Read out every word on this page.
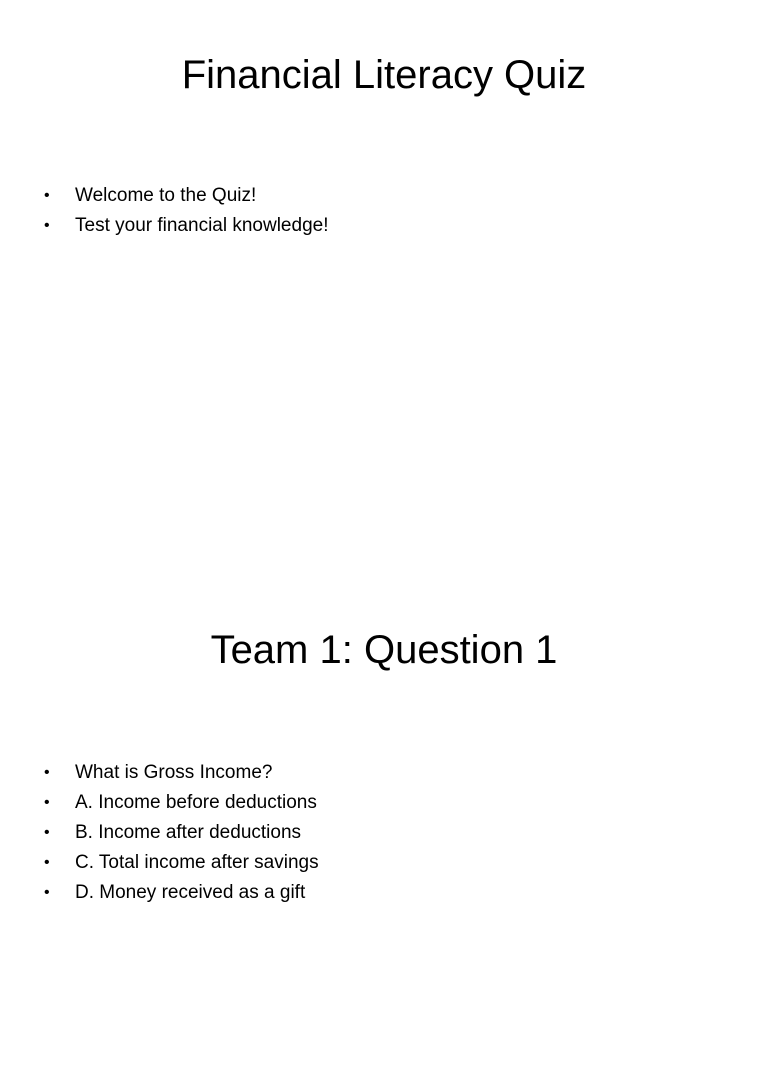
Financial Literacy Quiz
•	Welcome to the Quiz!
•	Test your financial knowledge!
Team 1: Question 1
•	What is Gross Income?
•	A. Income before deductions
•	B. Income after deductions
•	C. Total income after savings
•	D. Money received as a gift
